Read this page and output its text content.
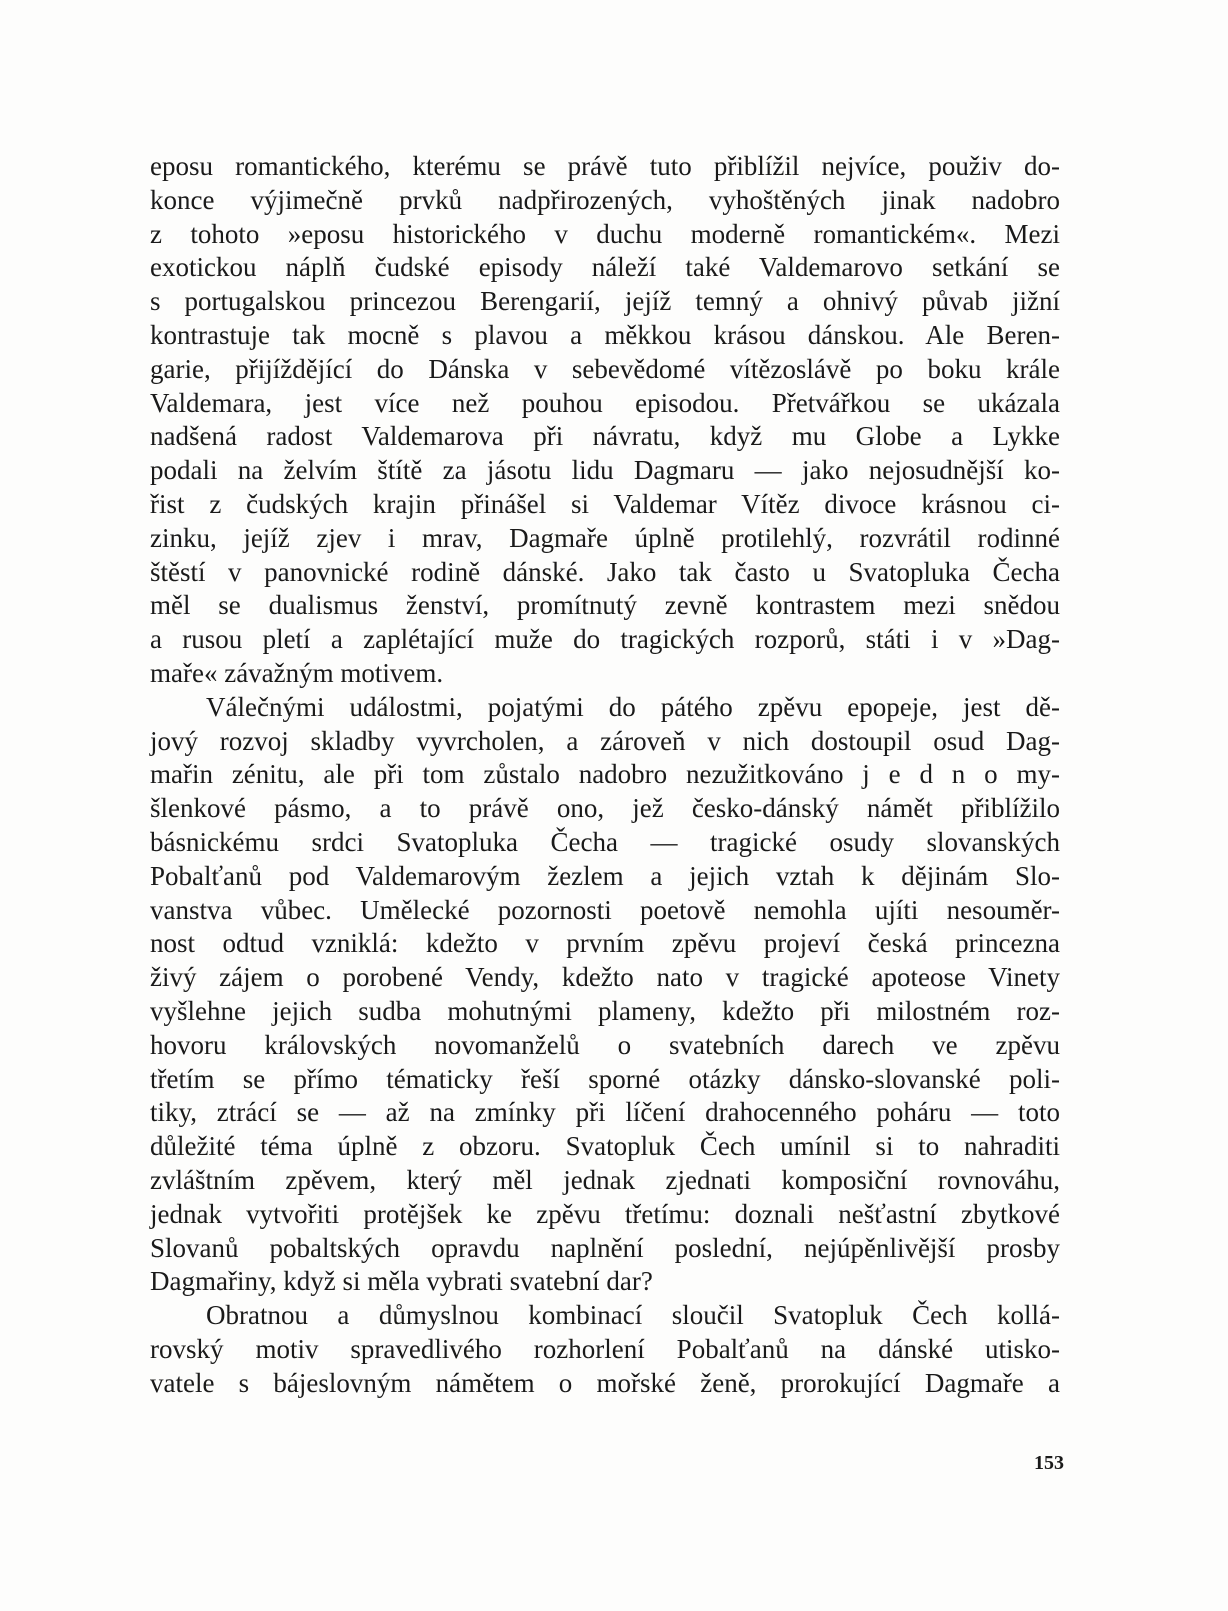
eposu romantického, kterému se právě tuto přiblížil nejvíce, použiv do-
konce výjimečně prvků nadpřirozených, vyhoštěných jinak nadobro
z tohoto »eposu historického v duchu moderně romantickém«. Mezi
exotickou náplň čudské episody náleží také Valdemarovo setkání se
s portugalskou princezou Berengarií, jejíž temný a ohnivý půvab jižní
kontrastuje tak mocně s plavou a měkkou krásou dánskou. Ale Beren-
garie, přijíždějící do Dánska v sebevědomé vítězoslávě po boku krále
Valdemara, jest více než pouhou episodou. Přetvářkou se ukázala
nadšená radost Valdemarova při návratu, když mu Globe a Lykke
podali na želvím štítě za jásotu lidu Dagmaru — jako nejosudnější ko-
řist z čudských krajin přinášel si Valdemar Vítěz divoce krásnou ci-
zinku, jejíž zjev i mrav, Dagmaře úplně protilehlý, rozvrátil rodinné
štěstí v panovnické rodině dánské. Jako tak často u Svatopluka Čecha
měl se dualismus ženství, promítnutý zevně kontrastem mezi snědou
a rusou pletí a zaplétající muže do tragických rozporů, státi i v »Dag-
maře« závažným motivem.
Válečnými událostmi, pojatými do pátého zpěvu epopeje, jest dě-
jový rozvoj skladby vyvrcholen, a zároveň v nich dostoupil osud Dag-
mařin zénitu, ale při tom zůstalo nadobro nezužitkováno j e d n o my-
šlenkové pásmo, a to právě ono, jež česko-dánský námět přiblížilo
básnickému srdci Svatopluka Čecha — tragické osudy slovanských
Pobalťanů pod Valdemarovým žezlem a jejich vztah k dějinám Slo-
vanstva vůbec. Umělecké pozornosti poetově nemohla ujíti nesouměr-
nost odtud vzniklá: kdežto v prvním zpěvu projeví česká princezna
živý zájem o porobené Vendy, kdežto nato v tragické apoteose Vinety
vyšlehne jejich sudba mohutnými plameny, kdežto při milostném roz-
hovoru královských novomanželů o svatebních darech ve zpěvu
třetím se přímo tématicky řeší sporné otázky dánsko-slovanské poli-
tiky, ztrácí se — až na zmínky při líčení drahocenného poháru — toto
důležité téma úplně z obzoru. Svatopluk Čech umínil si to nahraditi
zvláštním zpěvem, který měl jednak zjednati komposiční rovnováhu,
jednak vytvořiti protějšek ke zpěvu třetímu: doznali nešťastní zbytkové
Slovanů pobaltských opravdu naplnění poslední, nejúpěnlivější prosby
Dagmařiny, když si měla vybrati svatební dar?
Obratnou a důmyslnou kombinací sloučil Svatopluk Čech kollá-
rovský motiv spravedlivého rozhorlení Pobalťanů na dánské utisko-
vatele s bájeslovným námětem o mořské ženě, prorokující Dagmaře a
153
